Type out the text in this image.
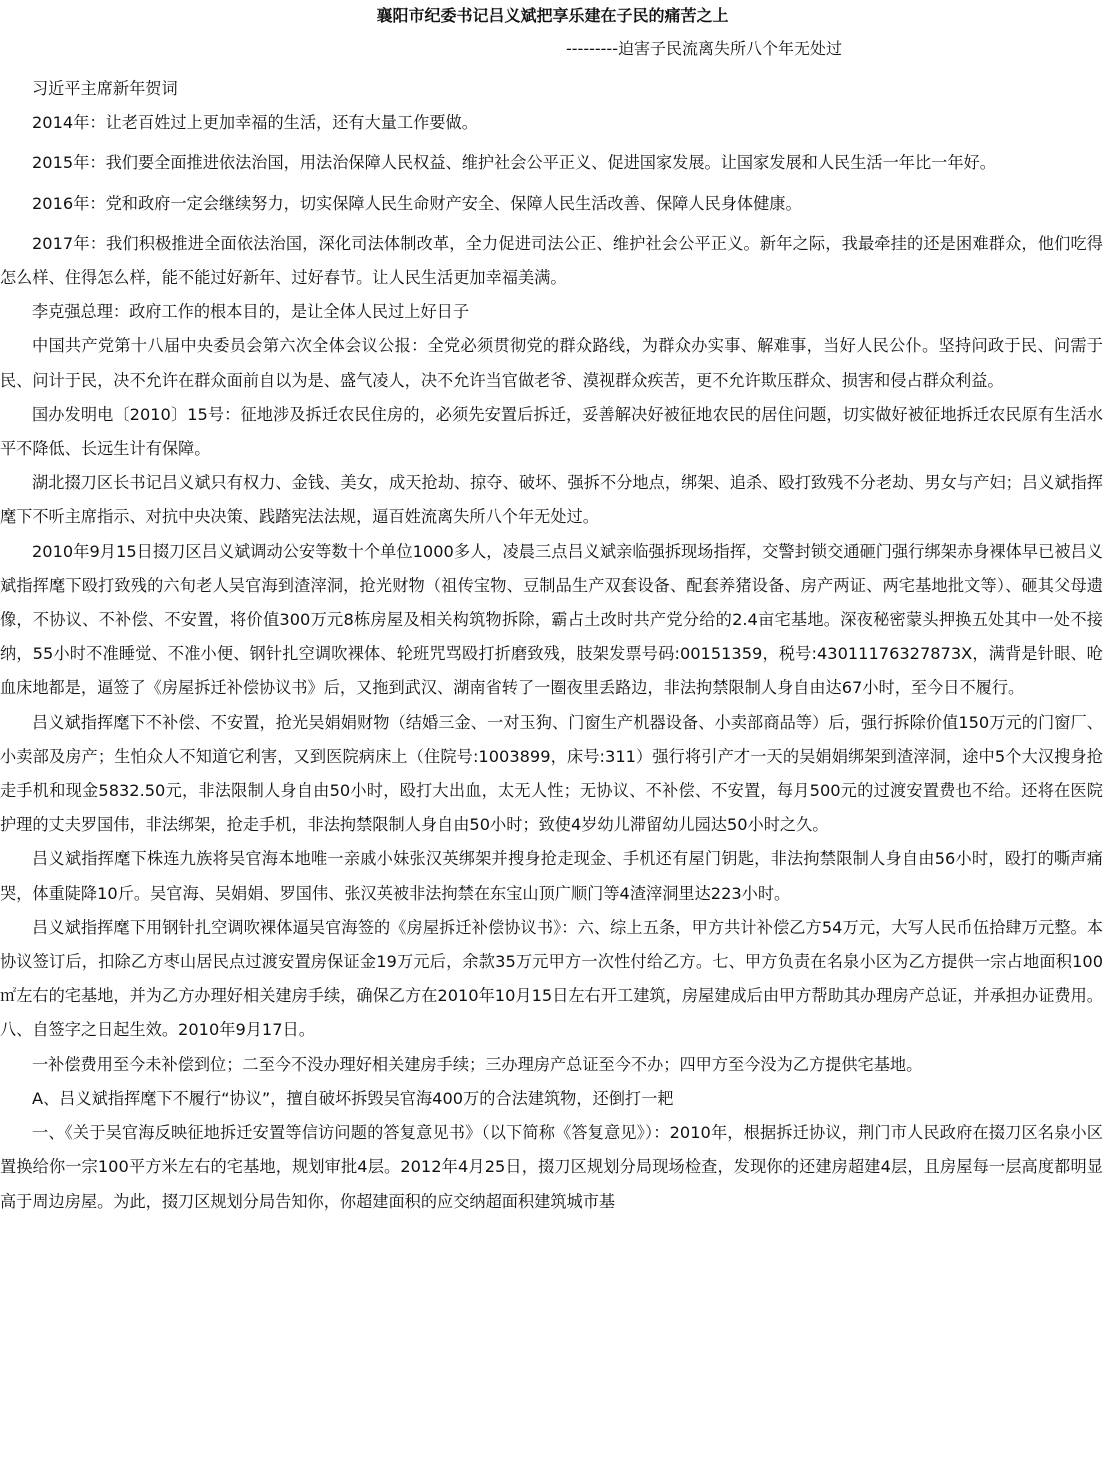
襄阳市纪委书记吕义斌把享乐建在子民的痛苦之上

---------迫害子民流离失所八个年无处过

习近平主席新年贺词

2014年：让老百姓过上更加幸福的生活，还有大量工作要做。

2015年：我们要全面推进依法治国，用法治保障人民权益、维护社会公平正义、促进国家发展。让国家发展和人民生活一年比一年好。

2016年：党和政府一定会继续努力，切实保障人民生命财产安全、保障人民生活改善、保障人民身体健康。

2017年：我们积极推进全面依法治国，深化司法体制改革，全力促进司法公正、维护社会公平正义。新年之际，我最牵挂的还是困难群众，他们吃得怎么样、住得怎么样，能不能过好新年、过好春节。让人民生活更加幸福美满。

李克强总理：政府工作的根本目的，是让全体人民过上好日子

中国共产党第十八届中央委员会第六次全体会议公报：全党必须贯彻党的群众路线，为群众办实事、解难事，当好人民公仆。坚持问政于民、问需于民、问计于民，决不允许在群众面前自以为是、盛气凌人，决不允许当官做老爷、漠视群众疾苦，更不允许欺压群众、损害和侵占群众利益。

国办发明电〔2010〕15号：征地涉及拆迁农民住房的，必须先安置后拆迁，妥善解决好被征地农民的居住问题，切实做好被征地拆迁农民原有生活水平不降低、长远生计有保障。

湖北掇刀区长书记吕义斌只有权力、金钱、美女，成天抢劫、掠夺、破坏、强拆不分地点，绑架、追杀、殴打致残不分老劫、男女与产妇；吕义斌指挥麾下不听主席指示、对抗中央决策、践踏宪法法规，逼百姓流离失所八个年无处过。

2010年9月15日掇刀区吕义斌调动公安等数十个单位1000多人，凌晨三点吕义斌亲临强拆现场指挥，交警封锁交通砸门强行绑架赤身裸体早已被吕义斌指挥麾下殴打致残的六旬老人吴官海到渣滓洞，抢光财物（祖传宝物、豆制品生产双套设备、配套养猪设备、房产两证、两宅基地批文等）、砸其父母遗像，不协议、不补偿、不安置，将价值300万元8栋房屋及相关构筑物拆除，霸占土改时共产党分给的2.4亩宅基地。深夜秘密蒙头押换五处其中一处不接纳，55小时不准睡觉、不准小便、钢针扎空调吹裸体、轮班咒骂殴打折磨致残，肢架发票号码:00151359，税号:43011176327873X，满背是针眼、呛血床地都是，逼签了《房屋拆迁补偿协议书》后，又拖到武汉、湖南省转了一圈夜里丢路边，非法拘禁限制人身自由达67小时，至今日不履行。

吕义斌指挥麾下不补偿、不安置，抢光吴娟娟财物（结婚三金、一对玉狗、门窗生产机器设备、小卖部商品等）后，强行拆除价值150万元的门窗厂、小卖部及房产；生怕众人不知道它利害，又到医院病床上（住院号:1003899，床号:311）强行将引产才一天的吴娟娟绑架到渣滓洞，途中5个大汉搜身抢走手机和现金5832.50元，非法限制人身自由50小时，殴打大出血，太无人性；无协议、不补偿、不安置，每月500元的过渡安置费也不给。还将在医院护理的丈夫罗国伟，非法绑架，抢走手机，非法拘禁限制人身自由50小时；致使4岁幼儿滞留幼儿园达50小时之久。

吕义斌指挥麾下株连九族将吴官海本地唯一亲戚小妹张汉英绑架并搜身抢走现金、手机还有屋门钥匙，非法拘禁限制人身自由56小时，殴打的嘶声痛哭，体重陡降10斤。吴官海、吴娟娟、罗国伟、张汉英被非法拘禁在东宝山顶广顺门等4渣滓洞里达223小时。

吕义斌指挥麾下用钢针扎空调吹裸体逼吴官海签的《房屋拆迁补偿协议书》：六、综上五条，甲方共计补偿乙方54万元，大写人民币伍拾肆万元整。本协议签订后，扣除乙方枣山居民点过渡安置房保证金19万元后，余款35万元甲方一次性付给乙方。七、甲方负责在名泉小区为乙方提供一宗占地面积100㎡左右的宅基地，并为乙方办理好相关建房手续，确保乙方在2010年10月15日左右开工建筑，房屋建成后由甲方帮助其办理房产总证，并承担办证费用。八、自签字之日起生效。2010年9月17日。

一补偿费用至今未补偿到位；二至今不没办理好相关建房手续；三办理房产总证至今不办；四甲方至今没为乙方提供宅基地。

A、吕义斌指挥麾下不履行“协议”，擅自破坏拆毁吴官海400万的合法建筑物，还倒打一耙

一、《关于吴官海反映征地拆迁安置等信访问题的答复意见书》（以下简称《答复意见》）：2010年，根据拆迁协议，荆门市人民政府在掇刀区名泉小区置换给你一宗100平方米左右的宅基地，规划审批4层。2012年4月25日，掇刀区规划分局现场检查，发现你的还建房超建4层，且房屋每一层高度都明显高于周边房屋。为此，掇刀区规划分局告知你，你超建面积的应交纳超面积建筑城市基
